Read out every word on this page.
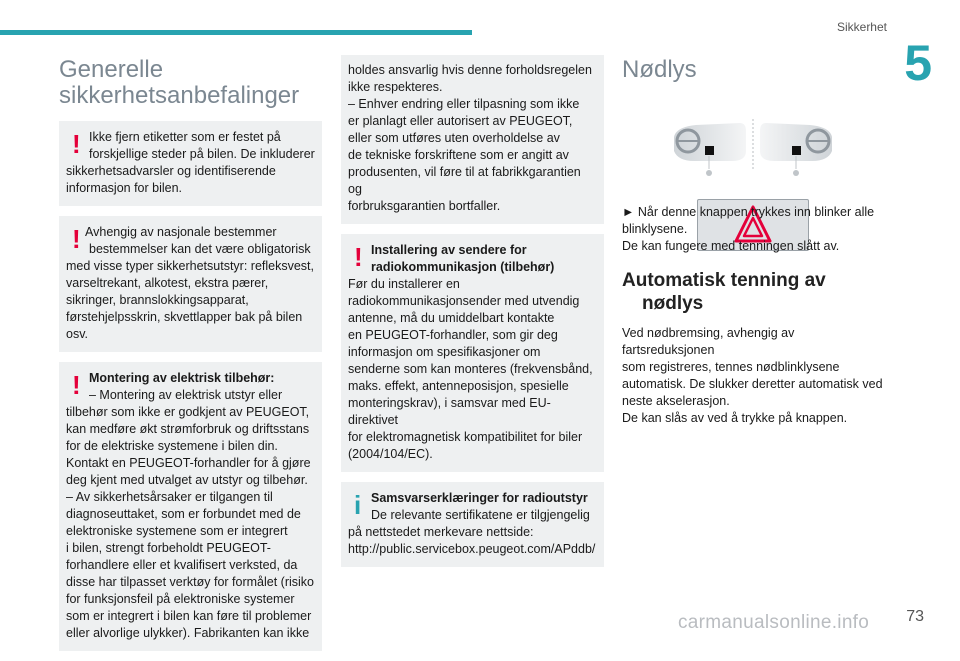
Sikkerhet
5
Generelle
sikkerhetsanbefalinger
! Ikke fjern etiketter som er festet på
forskjellige steder på bilen. De inkluderer
sikkerhetsadvarsler og identifiserende
informasjon for bilen.
! Avhengig av nasjonale bestemmer
bestemmelser kan det være obligatorisk
med visse typer sikkerhetsutstyr: refleksvest,
varseltrekant, alkotest, ekstra pærer,
sikringer, brannslokkingsapparat,
førstehjelpsskrin, skvettlapper bak på bilen
osv.
! Montering av elektrisk tilbehør:
– Montering av elektrisk utstyr eller
tilbehør som ikke er godkjent av PEUGEOT,
kan medføre økt strømforbruk og driftsstans
for de elektriske systemene i bilen din.
Kontakt en PEUGEOT-forhandler for å gjøre
deg kjent med utvalget av utstyr og tilbehør.
– Av sikkerhetsårsaker er tilgangen til
diagnoseuttaket, som er forbundet med de
elektroniske systemene som er integrert
i bilen, strengt forbeholdt PEUGEOT-
forhandlere eller et kvalifisert verksted, da
disse har tilpasset verktøy for formålet (risiko
for funksjonsfeil på elektroniske systemer
som er integrert i bilen kan føre til problemer
eller alvorlige ulykker). Fabrikanten kan ikke
holdes ansvarlig hvis denne forholdsregelen
ikke respekteres.
– Enhver endring eller tilpasning som ikke
er planlagt eller autorisert av PEUGEOT,
eller som utføres uten overholdelse av
de tekniske forskriftene som er angitt av
produsenten, vil føre til at fabrikkgarantien og
forbruksgarantien bortfaller.
! Installering av sendere for
radiokommunikasjon (tilbehør)
Før du installerer en
radiokommunikasjonsender med utvendig
antenne, må du umiddelbart kontakte
en PEUGEOT-forhandler, som gir deg
informasjon om spesifikasjoner om
senderne som kan monteres (frekvensbånd,
maks. effekt, antenneposisjon, spesielle
monteringskrav), i samsvar med EU-direktivet
for elektromagnetisk kompatibilitet for biler
(2004/104/EC).
i Samsvarserklæringer for radioutstyr
De relevante sertifikatene er tilgjengelig
på nettstedet merkevare nettside:
http://public.servicebox.peugeot.com/APddb/
Nødlys

► Når denne knappen trykkes inn blinker alle

blinklysene.

De kan fungere med tenningen slått av.

Automatisk tenning av
nødlys

Ved nødbremsing, avhengig av fartsreduksjonen

som registreres, tennes nødblinklysene

automatisk. De slukker deretter automatisk ved

neste akselerasjon.

De kan slås av ved å trykke på knappen.

carmanualsonline.info 73
